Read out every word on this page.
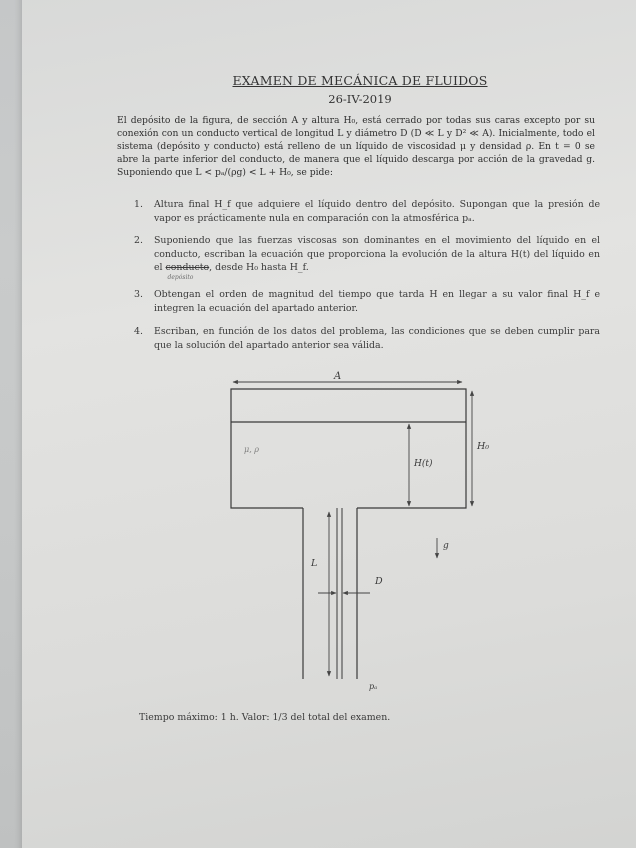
EXAMEN DE MECÁNICA DE FLUIDOS
26-IV-2019
El depósito de la figura, de sección A y altura H₀, está cerrado por todas sus caras excepto por su conexión con un conducto vertical de longitud L y diámetro D (D ≪ L y D² ≪ A). Inicialmente, todo el sistema (depósito y conducto) está relleno de un líquido de viscosidad μ y densidad ρ. En t = 0 se abre la parte inferior del conducto, de manera que el líquido descarga por acción de la gravedad g. Suponiendo que L < pₐ/(ρg) < L + H₀, se pide:
1. Altura final H_f que adquiere el líquido dentro del depósito. Supongan que la presión de vapor es prácticamente nula en comparación con la atmosférica pₐ.
2. Suponiendo que las fuerzas viscosas son dominantes en el movimiento del líquido en el conducto, escriban la ecuación que proporciona la evolución de la altura H(t) del líquido en el conducto
depósito
, desde H₀ hasta H_f.
3. Obtengan el orden de magnitud del tiempo que tarda H en llegar a su valor final H_f e integren la ecuación del apartado anterior.
4. Escriban, en función de los datos del problema, las condiciones que se deben cumplir para que la solución del apartado anterior sea válida.
A
H₀
H(t)
μ, ρ
g
L
D
pₐ
Tiempo máximo: 1 h. Valor: 1/3 del total del examen.
